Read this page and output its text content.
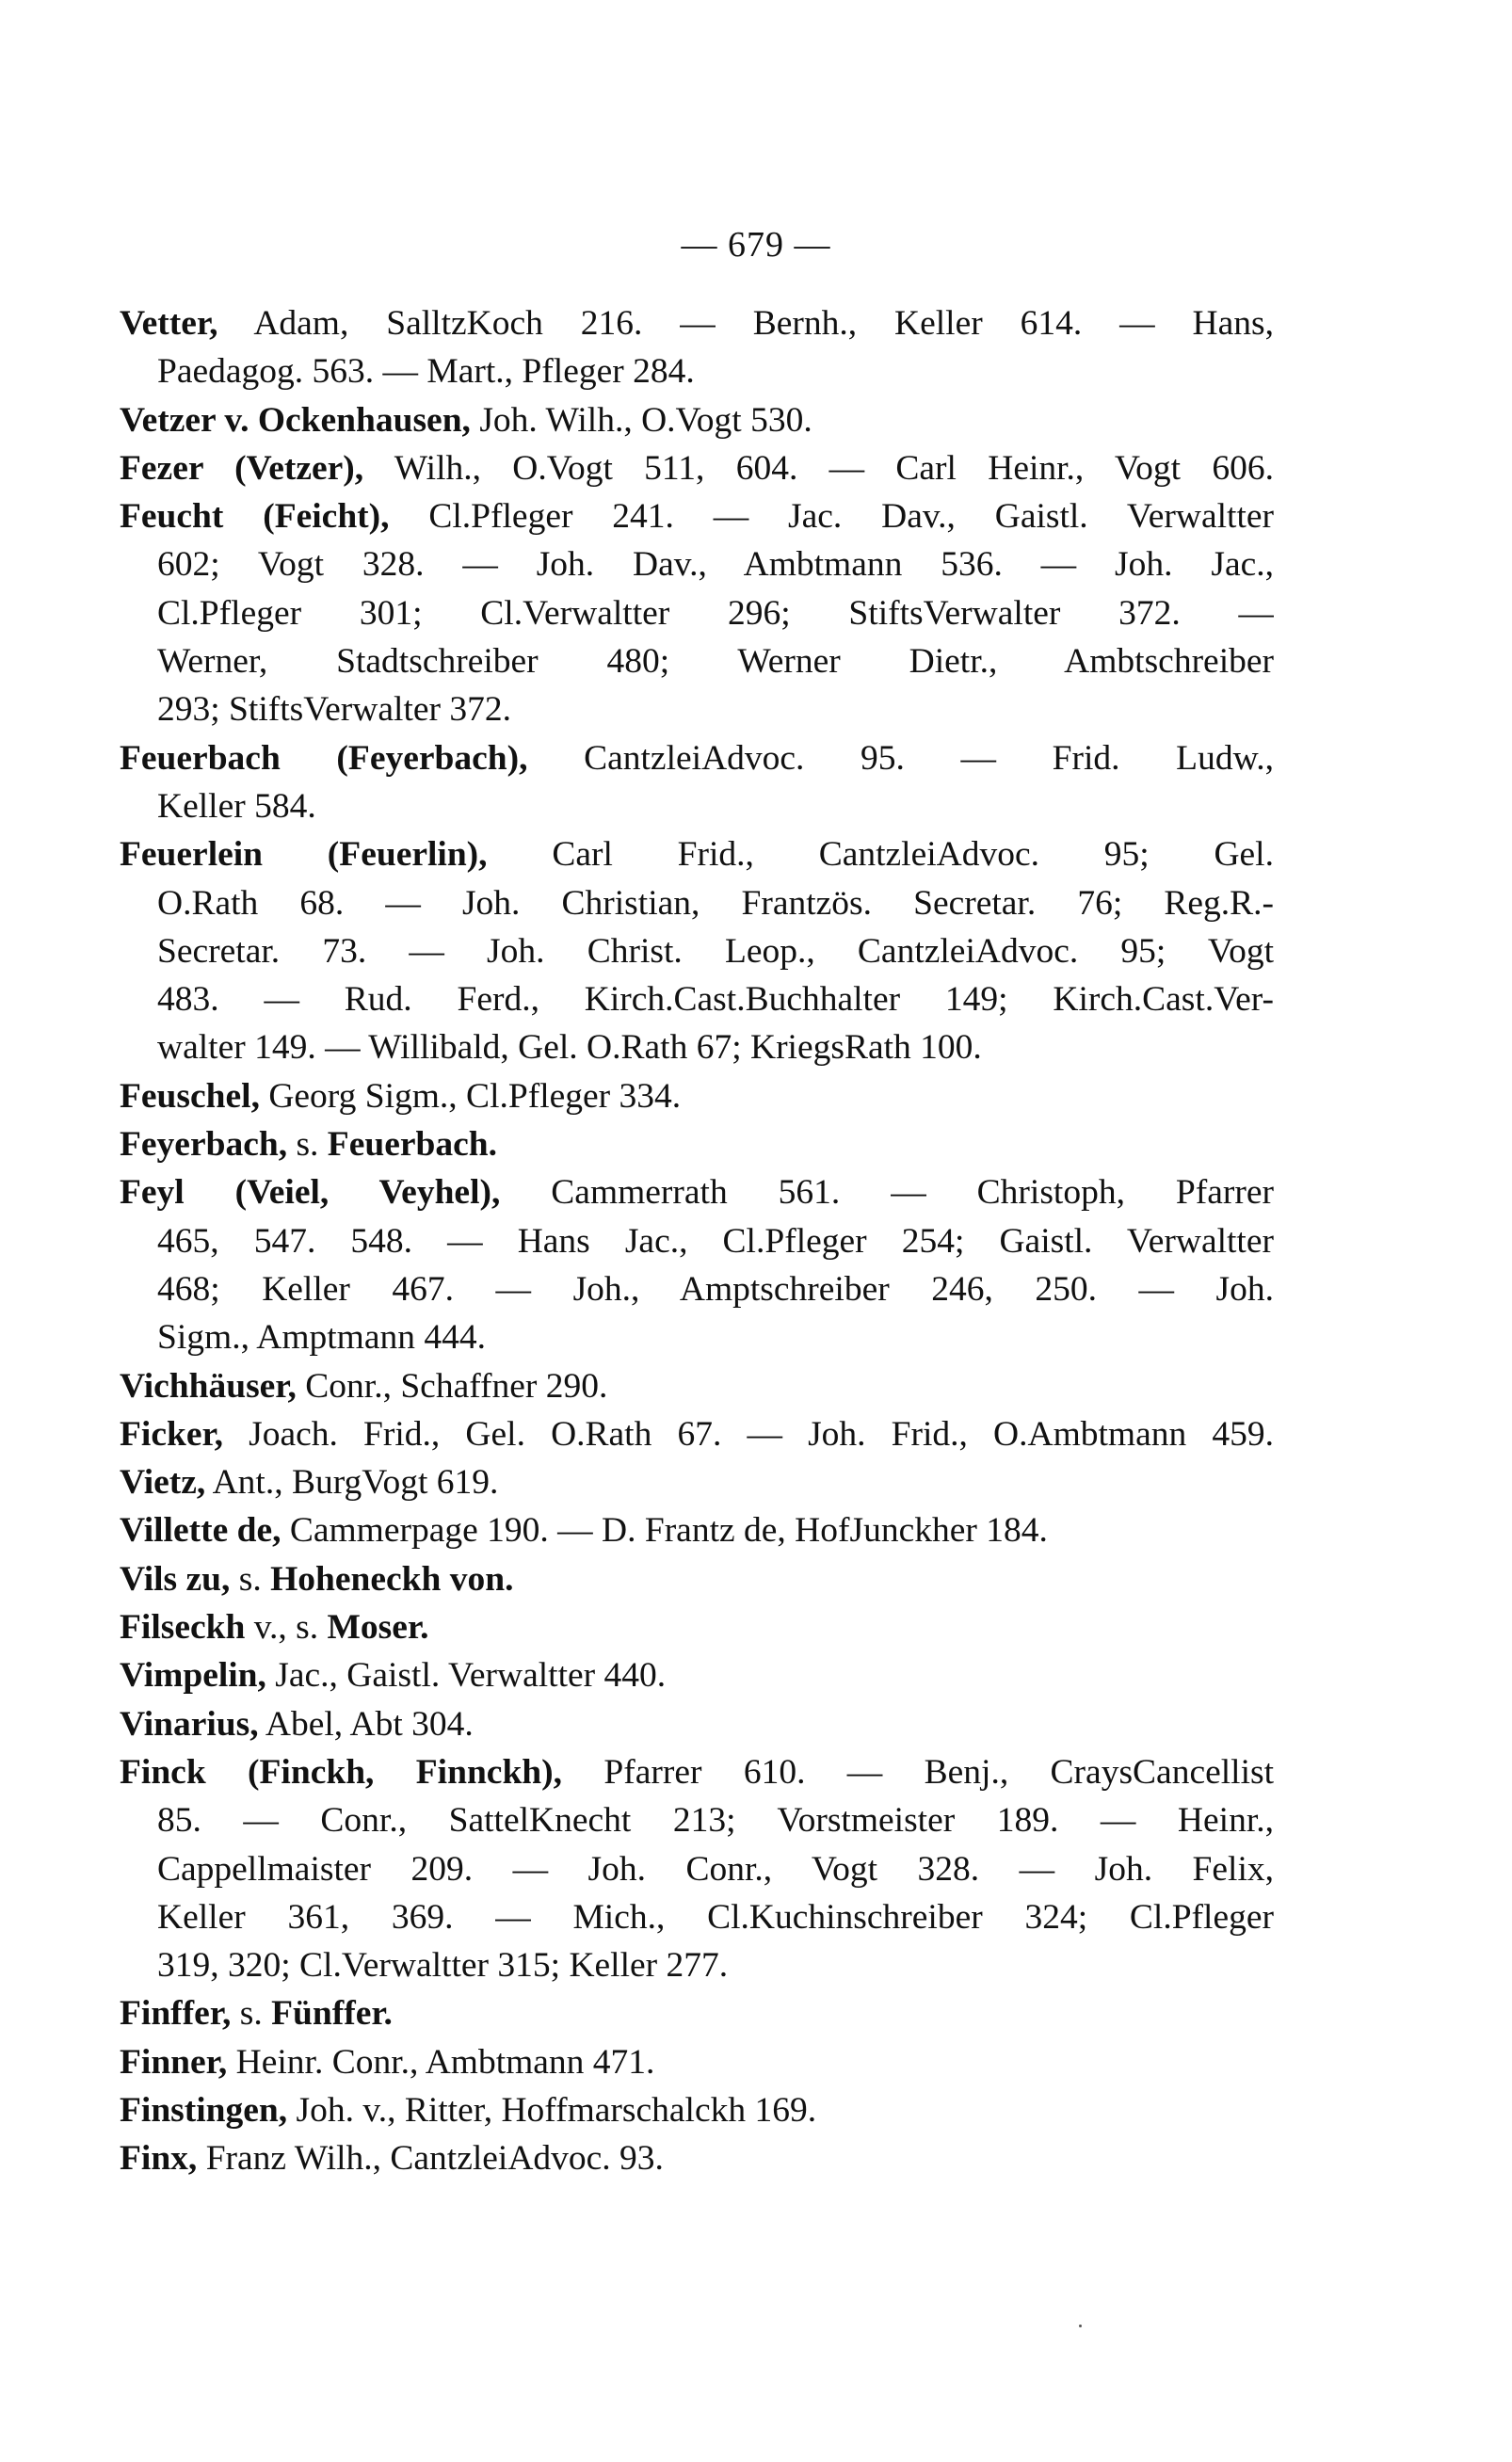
— 679 —
Vetter, Adam, SalltzKoch 216. — Bernh., Keller 614. — Hans,
Paedagog. 563. — Mart., Pfleger 284.
Vetzer v. Ockenhausen, Joh. Wilh., O.Vogt 530.
Fezer (Vetzer), Wilh., O.Vogt 511, 604. — Carl Heinr., Vogt 606.
Feucht (Feicht), Cl.Pfleger 241. — Jac. Dav., Gaistl. Verwaltter
602; Vogt 328. — Joh. Dav., Ambtmann 536. — Joh. Jac.,
Cl.Pfleger 301; Cl.Verwaltter 296; StiftsVerwalter 372. —
Werner, Stadtschreiber 480; Werner Dietr., Ambtschreiber
293; StiftsVerwalter 372.
Feuerbach (Feyerbach), CantzleiAdvoc. 95. — Frid. Ludw.,
Keller 584.
Feuerlein (Feuerlin), Carl Frid., CantzleiAdvoc. 95; Gel.
O.Rath 68. — Joh. Christian, Frantzös. Secretar. 76; Reg.R.-
Secretar. 73. — Joh. Christ. Leop., CantzleiAdvoc. 95; Vogt
483. — Rud. Ferd., Kirch.Cast.Buchhalter 149; Kirch.Cast.Ver-
walter 149. — Willibald, Gel. O.Rath 67; KriegsRath 100.
Feuschel, Georg Sigm., Cl.Pfleger 334.
Feyerbach, s. Feuerbach.
Feyl (Veiel, Veyhel), Cammerrath 561. — Christoph, Pfarrer
465, 547. 548. — Hans Jac., Cl.Pfleger 254; Gaistl. Verwaltter
468; Keller 467. — Joh., Amptschreiber 246, 250. — Joh.
Sigm., Amptmann 444.
Vichhäuser, Conr., Schaffner 290.
Ficker, Joach. Frid., Gel. O.Rath 67. — Joh. Frid., O.Ambtmann 459.
Vietz, Ant., BurgVogt 619.
Villette de, Cammerpage 190. — D. Frantz de, HofJunckher 184.
Vils zu, s. Hoheneckh von.
Filseckh v., s. Moser.
Vimpelin, Jac., Gaistl. Verwaltter 440.
Vinarius, Abel, Abt 304.
Finck (Finckh, Finnckh), Pfarrer 610. — Benj., CraysCancellist
85. — Conr., SattelKnecht 213; Vorstmeister 189. — Heinr.,
Cappellmaister 209. — Joh. Conr., Vogt 328. — Joh. Felix,
Keller 361, 369. — Mich., Cl.Kuchinschreiber 324; Cl.Pfleger
319, 320; Cl.Verwaltter 315; Keller 277.
Finffer, s. Fünffer.
Finner, Heinr. Conr., Ambtmann 471.
Finstingen, Joh. v., Ritter, Hoffmarschalckh 169.
Finx, Franz Wilh., CantzleiAdvoc. 93.
